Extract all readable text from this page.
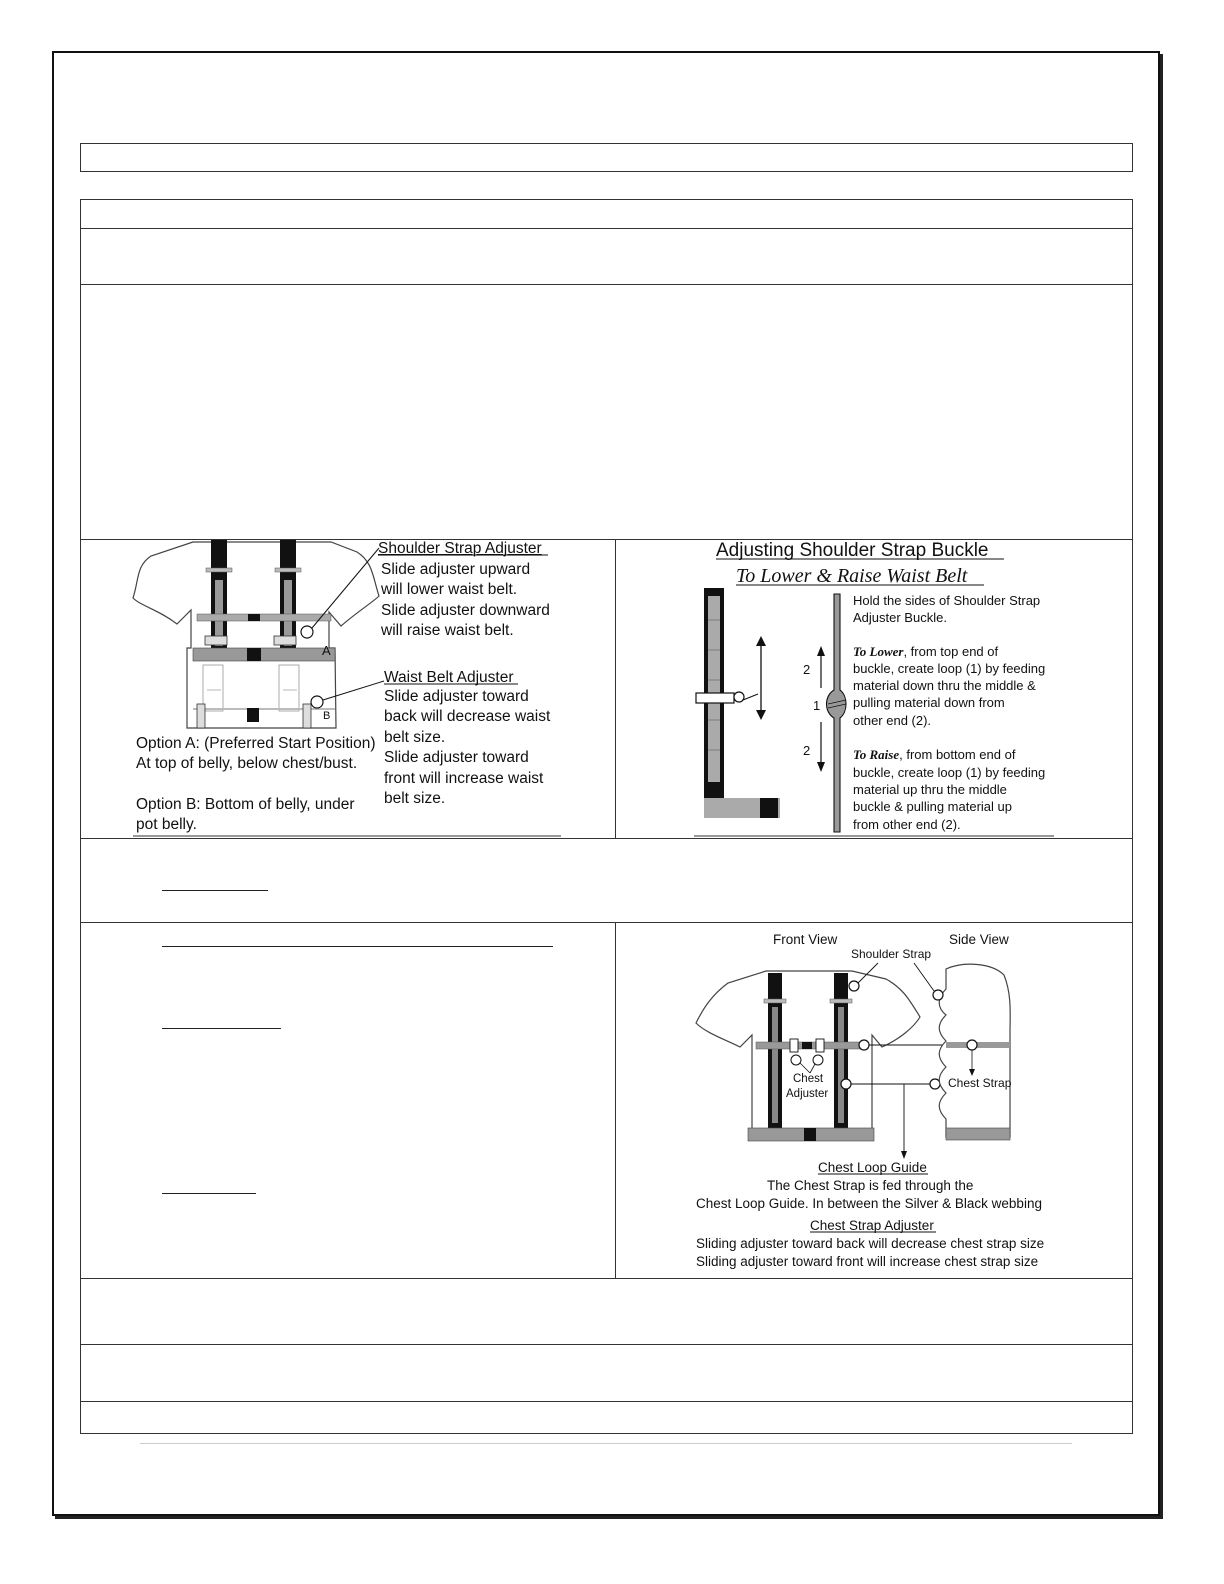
A
B
Shoulder Strap Adjuster
Slide adjuster upward
will lower waist belt.
Slide adjuster downward
will raise waist belt.
Waist Belt Adjuster
Slide adjuster toward
back will decrease waist
belt size.
Slide adjuster toward
front will increase waist
belt size.
Option A: (Preferred Start Position)
At top of belly, below chest/bust.
Option B: Bottom of belly, under
pot belly.
Adjusting Shoulder Strap Buckle
To Lower & Raise Waist Belt
2
1
2
Hold the sides of Shoulder Strap
Adjuster Buckle.
To Lower, from top end of
buckle, create loop (1) by feeding
material down thru the middle &
pulling material down from
other end (2).
To Raise, from bottom end of
buckle, create loop (1) by feeding
material up thru the middle
buckle & pulling material up
from other end (2).
Front View	Side View
Shoulder Strap
Chest
Adjuster
Chest Strap
Chest Loop Guide
The Chest Strap is fed through the
Chest Loop Guide. In between the Silver & Black webbing
Chest Strap Adjuster
Sliding adjuster toward back will decrease chest strap size
Sliding adjuster toward front will increase chest strap size
